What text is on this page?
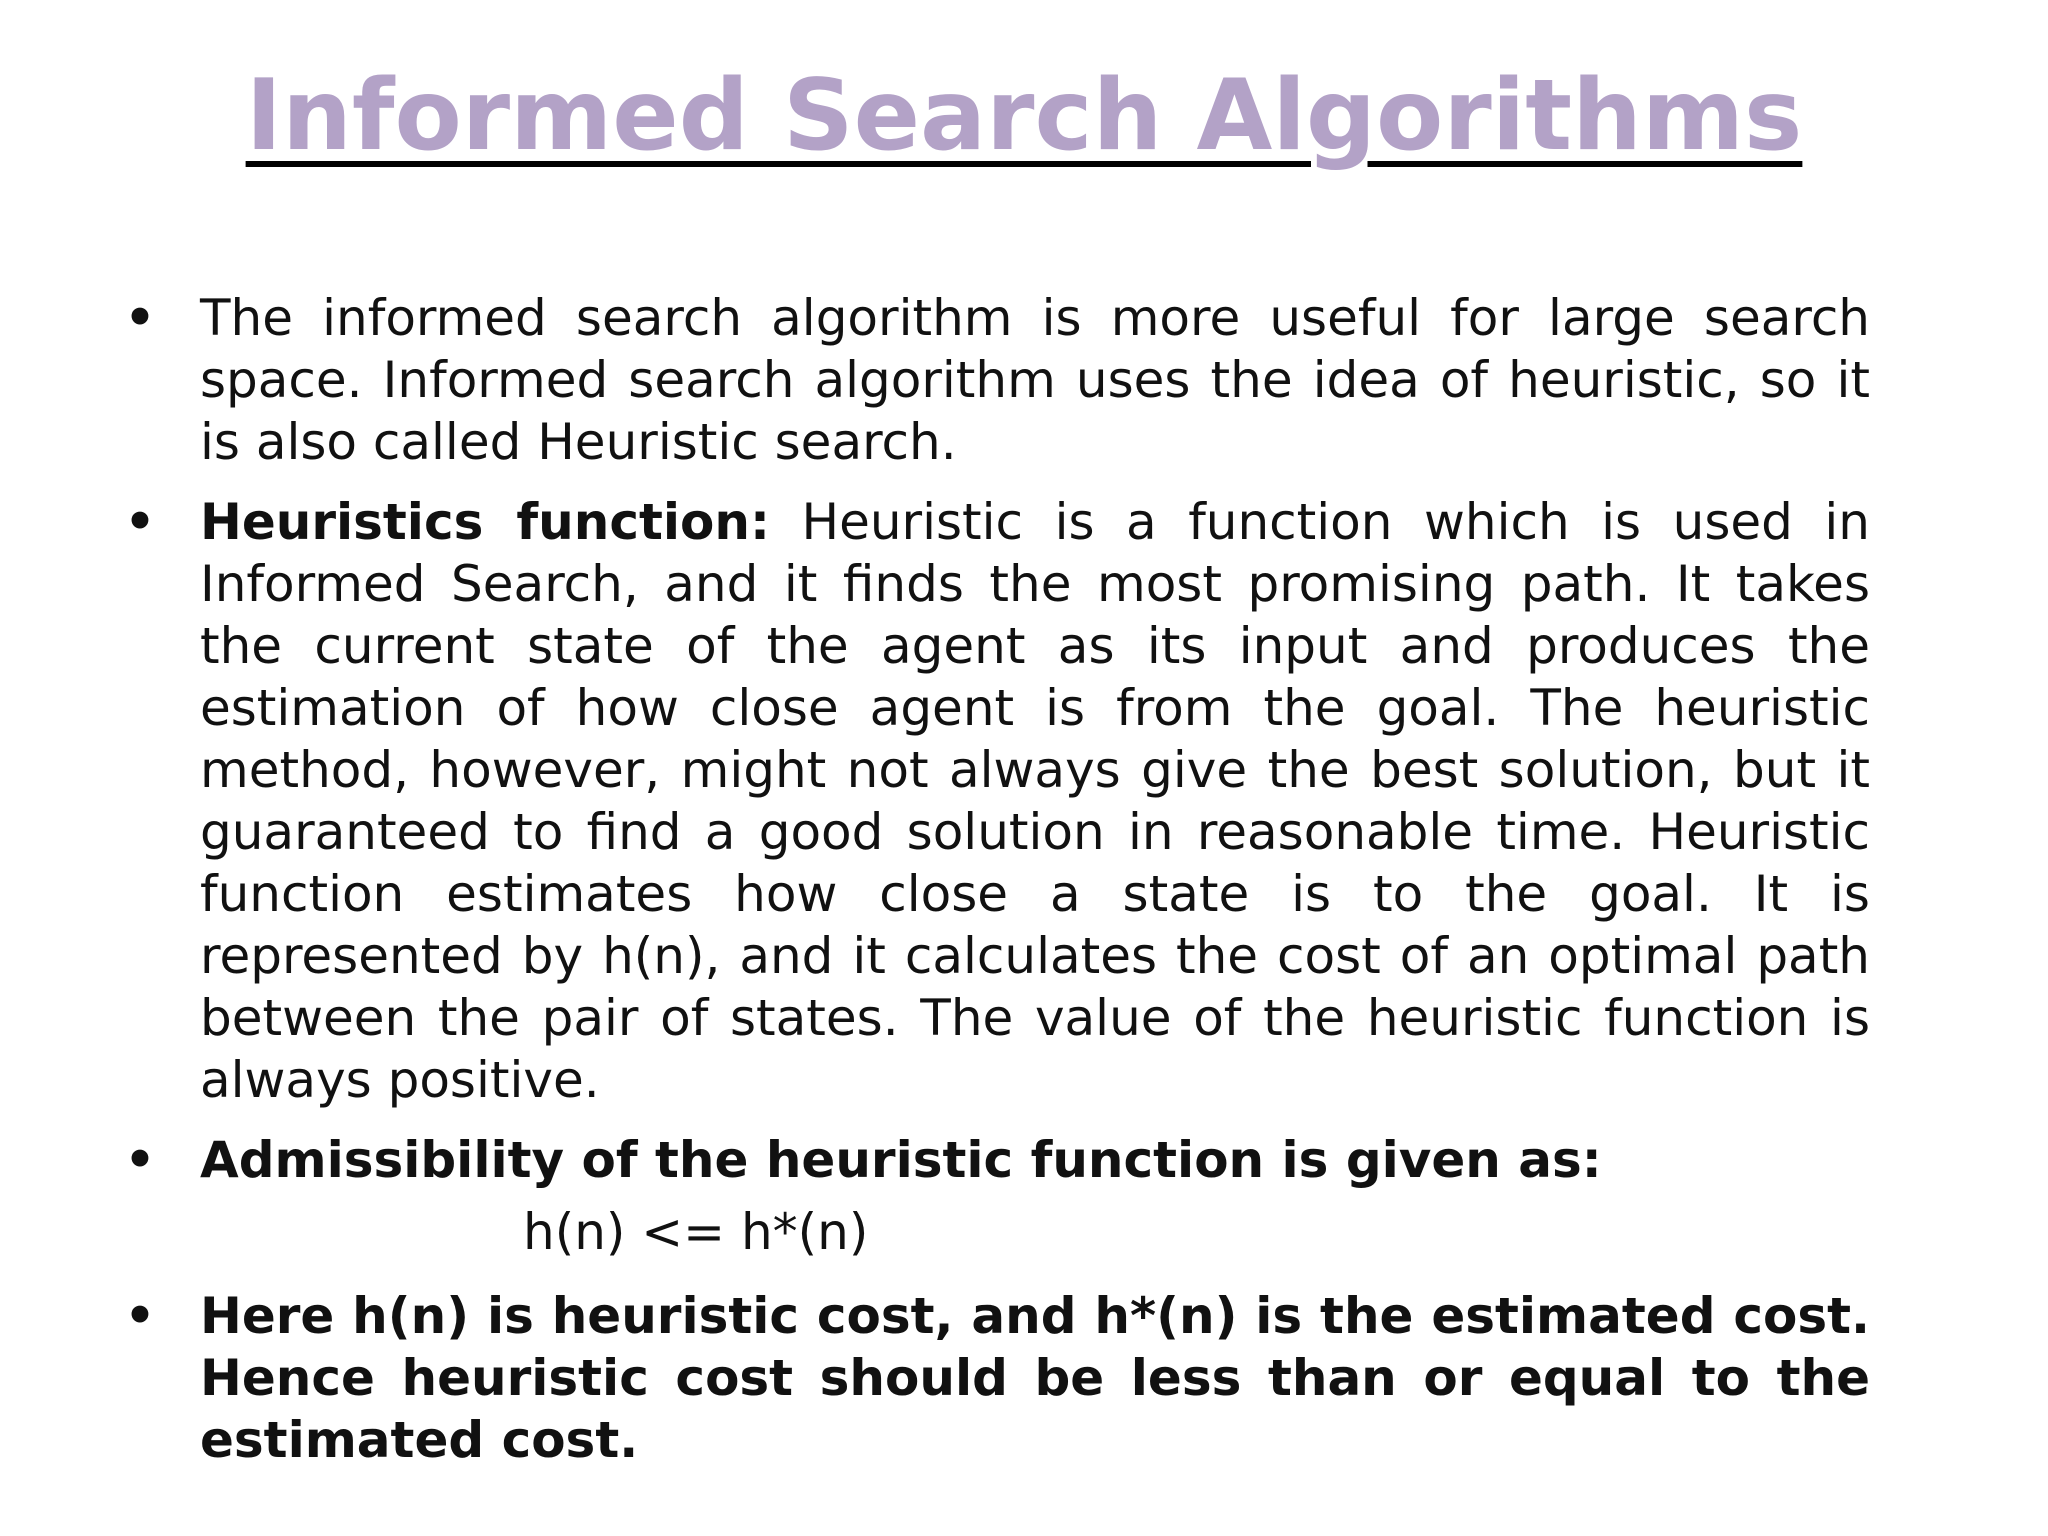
Informed Search Algorithms

• The informed search algorithm is more useful for large search space. Informed search algorithm uses the idea of heuristic, so it is also called Heuristic search.

• Heuristics function: Heuristic is a function which is used in Informed Search, and it finds the most promising path. It takes the current state of the agent as its input and produces the estimation of how close agent is from the goal. The heuristic method, however, might not always give the best solution, but it guaranteed to find a good solution in reasonable time. Heuristic function estimates how close a state is to the goal. It is represented by h(n), and it calculates the cost of an optimal path between the pair of states. The value of the heuristic function is always positive.

• Admissibility of the heuristic function is given as:

h(n) <= h*(n)

• Here h(n) is heuristic cost, and h*(n) is the estimated cost. Hence heuristic cost should be less than or equal to the estimated cost.
